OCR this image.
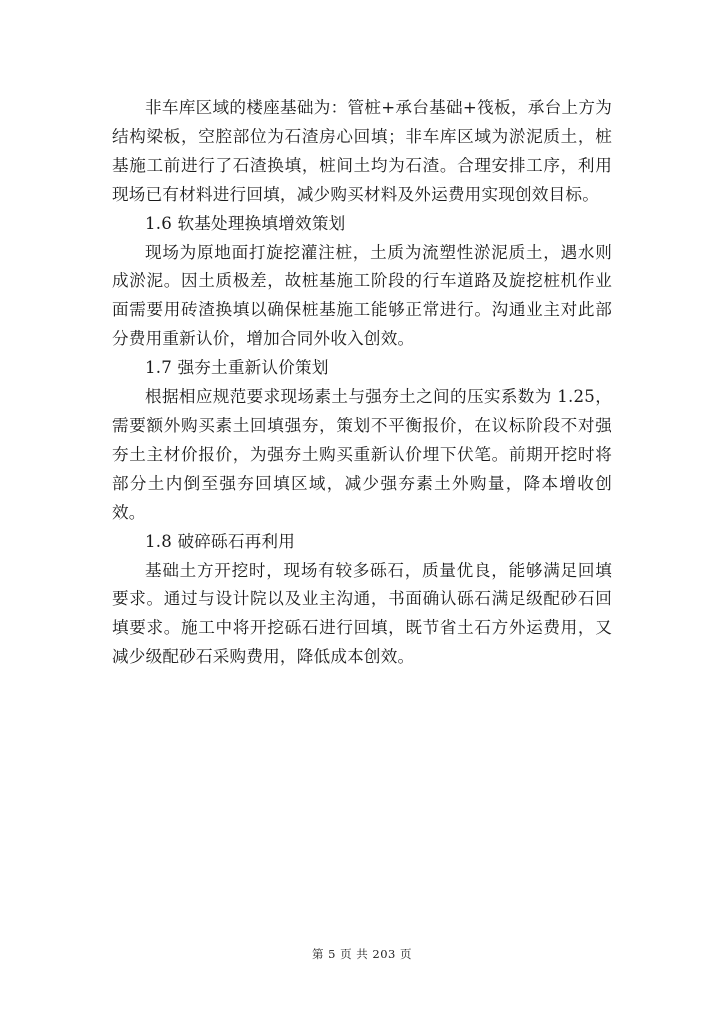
非车库区域的楼座基础为：管桩+承台基础+筏板，承台上方为结构梁板，空腔部位为石渣房心回填；非车库区域为淤泥质土，桩基施工前进行了石渣换填，桩间土均为石渣。合理安排工序，利用现场已有材料进行回填，减少购买材料及外运费用实现创效目标。

1.6 软基处理换填增效策划

现场为原地面打旋挖灌注桩，土质为流塑性淤泥质土，遇水则成淤泥。因土质极差，故桩基施工阶段的行车道路及旋挖桩机作业面需要用砖渣换填以确保桩基施工能够正常进行。沟通业主对此部分费用重新认价，增加合同外收入创效。

1.7 强夯土重新认价策划

根据相应规范要求现场素土与强夯土之间的压实系数为 1.25，需要额外购买素土回填强夯，策划不平衡报价，在议标阶段不对强夯土主材价报价，为强夯土购买重新认价埋下伏笔。前期开挖时将部分土内倒至强夯回填区域，减少强夯素土外购量，降本增收创效。

1.8 破碎砾石再利用

基础土方开挖时，现场有较多砾石，质量优良，能够满足回填要求。通过与设计院以及业主沟通，书面确认砾石满足级配砂石回填要求。施工中将开挖砾石进行回填，既节省土石方外运费用，又减少级配砂石采购费用，降低成本创效。

第 5 页 共 203 页
